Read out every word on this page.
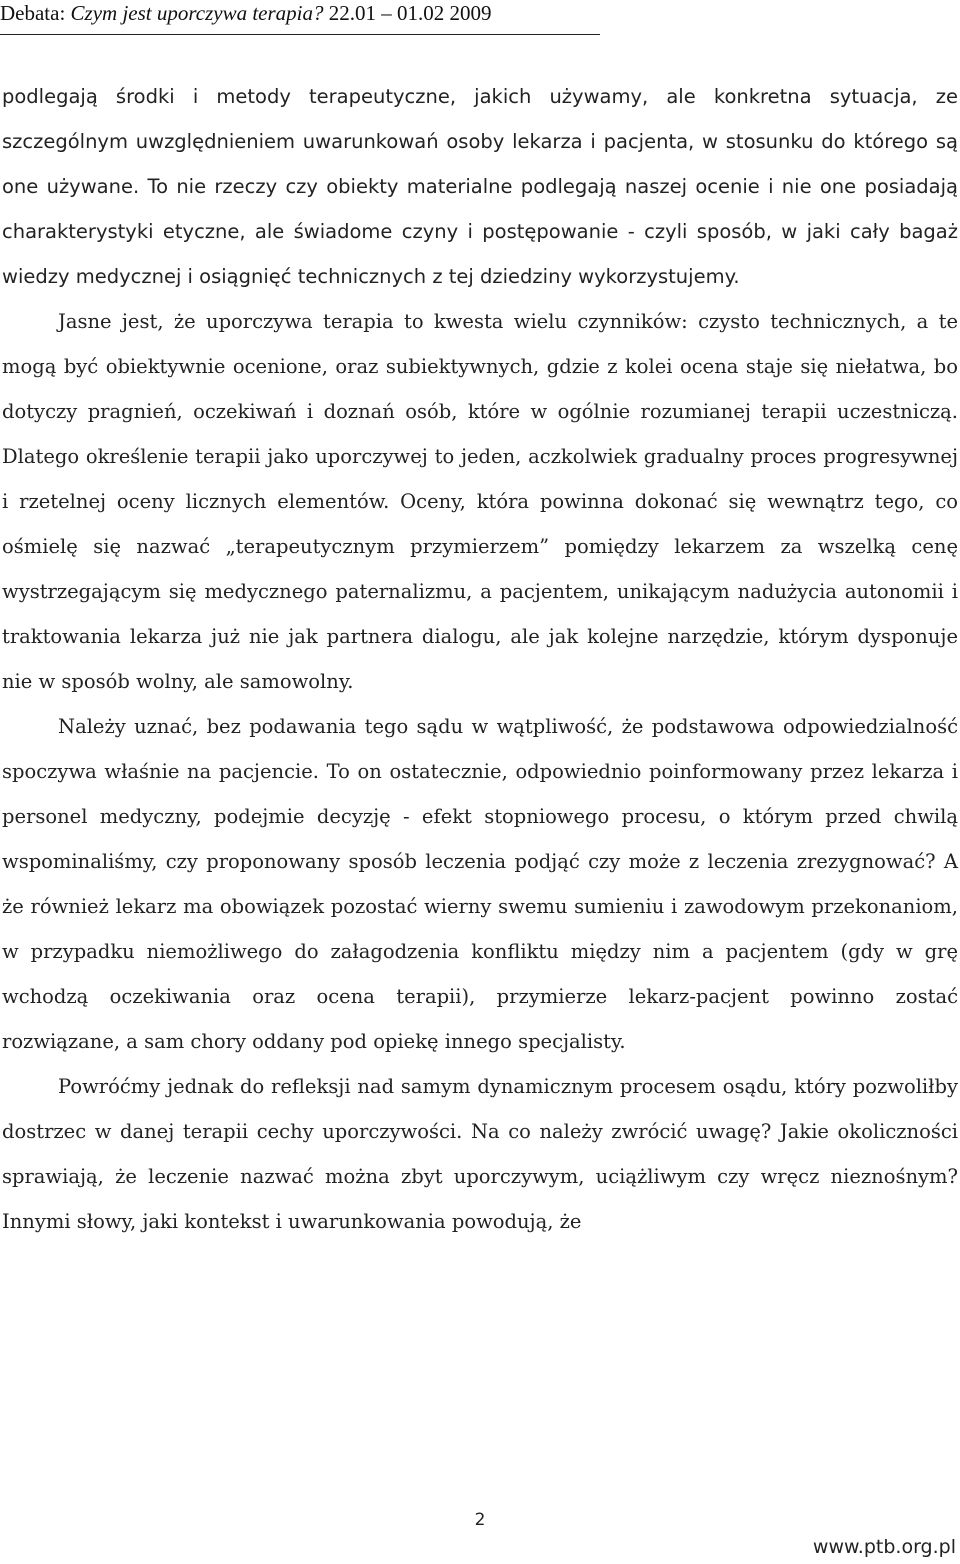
Debata: Czym jest uporczywa terapia? 22.01 – 01.02 2009

podlegają środki i metody terapeutyczne, jakich używamy, ale konkretna sytuacja, ze szczególnym uwzględnieniem uwarunkowań osoby lekarza i pacjenta, w stosunku do którego są one używane. To nie rzeczy czy obiekty materialne podlegają naszej ocenie i nie one posiadają charakterystyki etyczne, ale świadome czyny i postępowanie - czyli sposób, w jaki cały bagaż wiedzy medycznej i osiągnięć technicznych z tej dziedziny wykorzystujemy.

Jasne jest, że uporczywa terapia to kwesta wielu czynników: czysto technicznych, a te mogą być obiektywnie ocenione, oraz subiektywnych, gdzie z kolei ocena staje się niełatwa, bo dotyczy pragnień, oczekiwań i doznań osób, które w ogólnie rozumianej terapii uczestniczą. Dlatego określenie terapii jako uporczywej to jeden, aczkolwiek gradualny proces progresywnej i rzetelnej oceny licznych elementów. Oceny, która powinna dokonać się wewnątrz tego, co ośmielę się nazwać „terapeutycznym przymierzem” pomiędzy lekarzem za wszelką cenę wystrzegającym się medycznego paternalizmu, a pacjentem, unikającym nadużycia autonomii i traktowania lekarza już nie jak partnera dialogu, ale jak kolejne narzędzie, którym dysponuje nie w sposób wolny, ale samowolny.

Należy uznać, bez podawania tego sądu w wątpliwość, że podstawowa odpowiedzialność spoczywa właśnie na pacjencie. To on ostatecznie, odpowiednio poinformowany przez lekarza i personel medyczny, podejmie decyzję - efekt stopniowego procesu, o którym przed chwilą wspominaliśmy, czy proponowany sposób leczenia podjąć czy może z leczenia zrezygnować? A że również lekarz ma obowiązek pozostać wierny swemu sumieniu i zawodowym przekonaniom, w przypadku niemożliwego do załagodzenia konfliktu między nim a pacjentem (gdy w grę wchodzą oczekiwania oraz ocena terapii), przymierze lekarz-pacjent powinno zostać rozwiązane, a sam chory oddany pod opiekę innego specjalisty.

Powróćmy jednak do refleksji nad samym dynamicznym procesem osądu, który pozwoliłby dostrzec w danej terapii cechy uporczywości. Na co należy zwrócić uwagę? Jakie okoliczności sprawiają, że leczenie nazwać można zbyt uporczywym, uciążliwym czy wręcz nieznośnym? Innymi słowy, jaki kontekst i uwarunkowania powodują, że

2
www.ptb.org.pl
